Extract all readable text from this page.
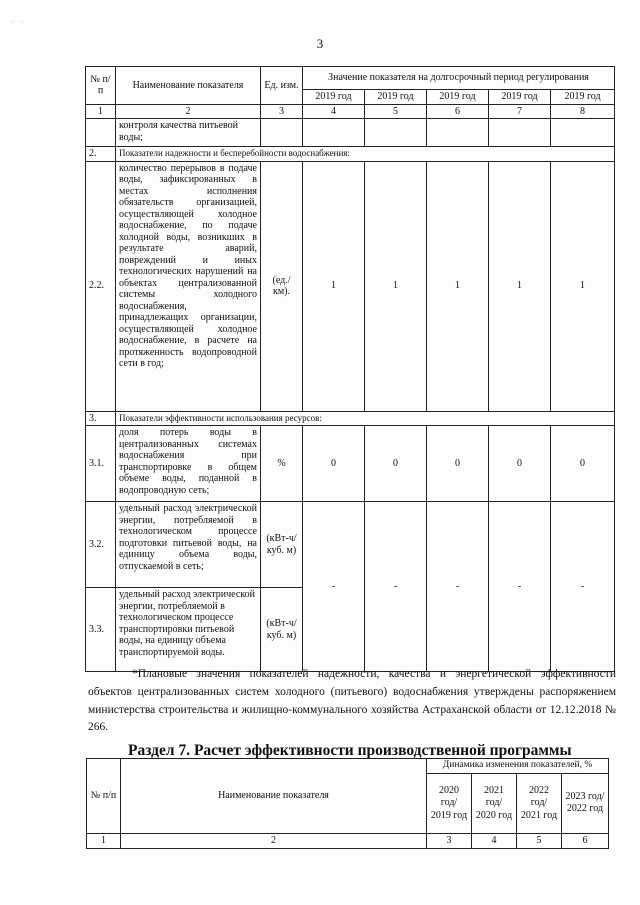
⁘ ⁖
3
№ п/п	Наименование показателя	Ед. изм.	Значение показателя на долгосрочный период регулирования				
			2019 год	2019 год	2019 год	2019 год	2019 год
1	2	3	4	5	6	7	8
	контроля качества питьевой воды;						
2.	Показатели надежности и бесперебойности водоснабжения:						
2.2.	количество перерывов в подаче воды, зафиксированных в местах исполнения обязательств организацией, осуществляющей холодное водоснабжение, по подаче холодной воды, возникших в результате аварий, повреждений и иных технологических нарушений на объектах централизованной системы холодного водоснабжения, принадлежащих организации, осуществляющей холодное водоснабжение, в расчете на протяженность водопроводной сети в год;	(ед./ км).	1	1	1	1	1
3.	Показатели эффективности использования ресурсов:						
3.1.	доля потерь воды в централизованных системах водоснабжения при транспортировке в общем объеме воды, поданной в водопроводную сеть;	%	0	0	0	0	0
3.2.	удельный расход электрической энергии, потребляемой в технологическом процессе подготовки питьевой воды, на единицу объема воды, отпускаемой в сеть;	(кВт-ч/куб. м)	-	-	-	-	-
3.3.	удельный расход электрической энергии, потребляемой в технологическом процессе транспортировки питьевой воды, на единицу объема транспортируемой воды.	(кВт-ч/куб. м)					
*Плановые значения показателей надежности, качества и энергетической эффективности объектов централизованных систем холодного (питьевого) водоснабжения утверждены распоряжением министерства строительства и жилищно-коммунального хозяйства Астраханской области от 12.12.2018 № 266.
Раздел 7. Расчет эффективности производственной программы
№ п/п	Наименование показателя	Динамика изменения показателей, %			
		2020 год/ 2019 год	2021 год/ 2020 год	2022 год/ 2021 год	2023 год/ 2022 год
1	2	3	4	5	6
